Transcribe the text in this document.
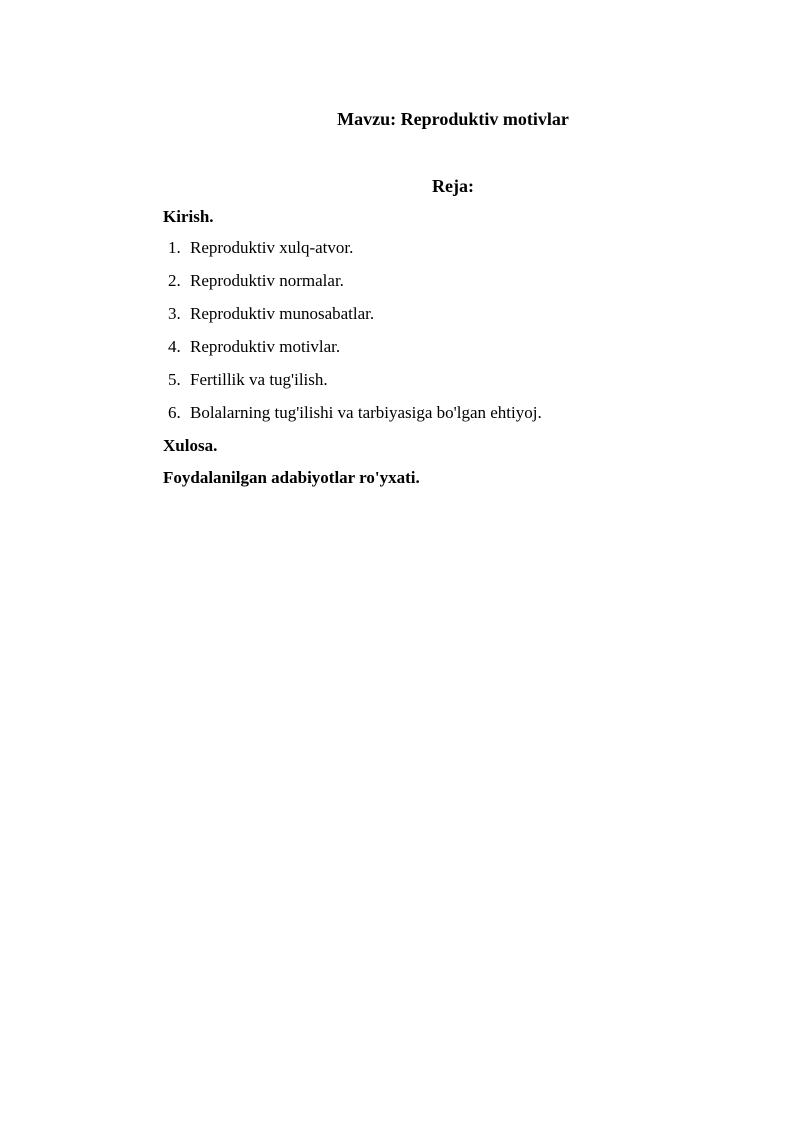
Mavzu: Reproduktiv motivlar

Reja:

Kirish.

1. Reproduktiv xulq-atvor.
2. Reproduktiv normalar.
3. Reproduktiv munosabatlar.
4. Reproduktiv motivlar.
5. Fertillik va tug'ilish.
6. Bolalarning tug'ilishi va tarbiyasiga bo'lgan ehtiyoj.

Xulosa.

Foydalanilgan adabiyotlar ro'yxati.
